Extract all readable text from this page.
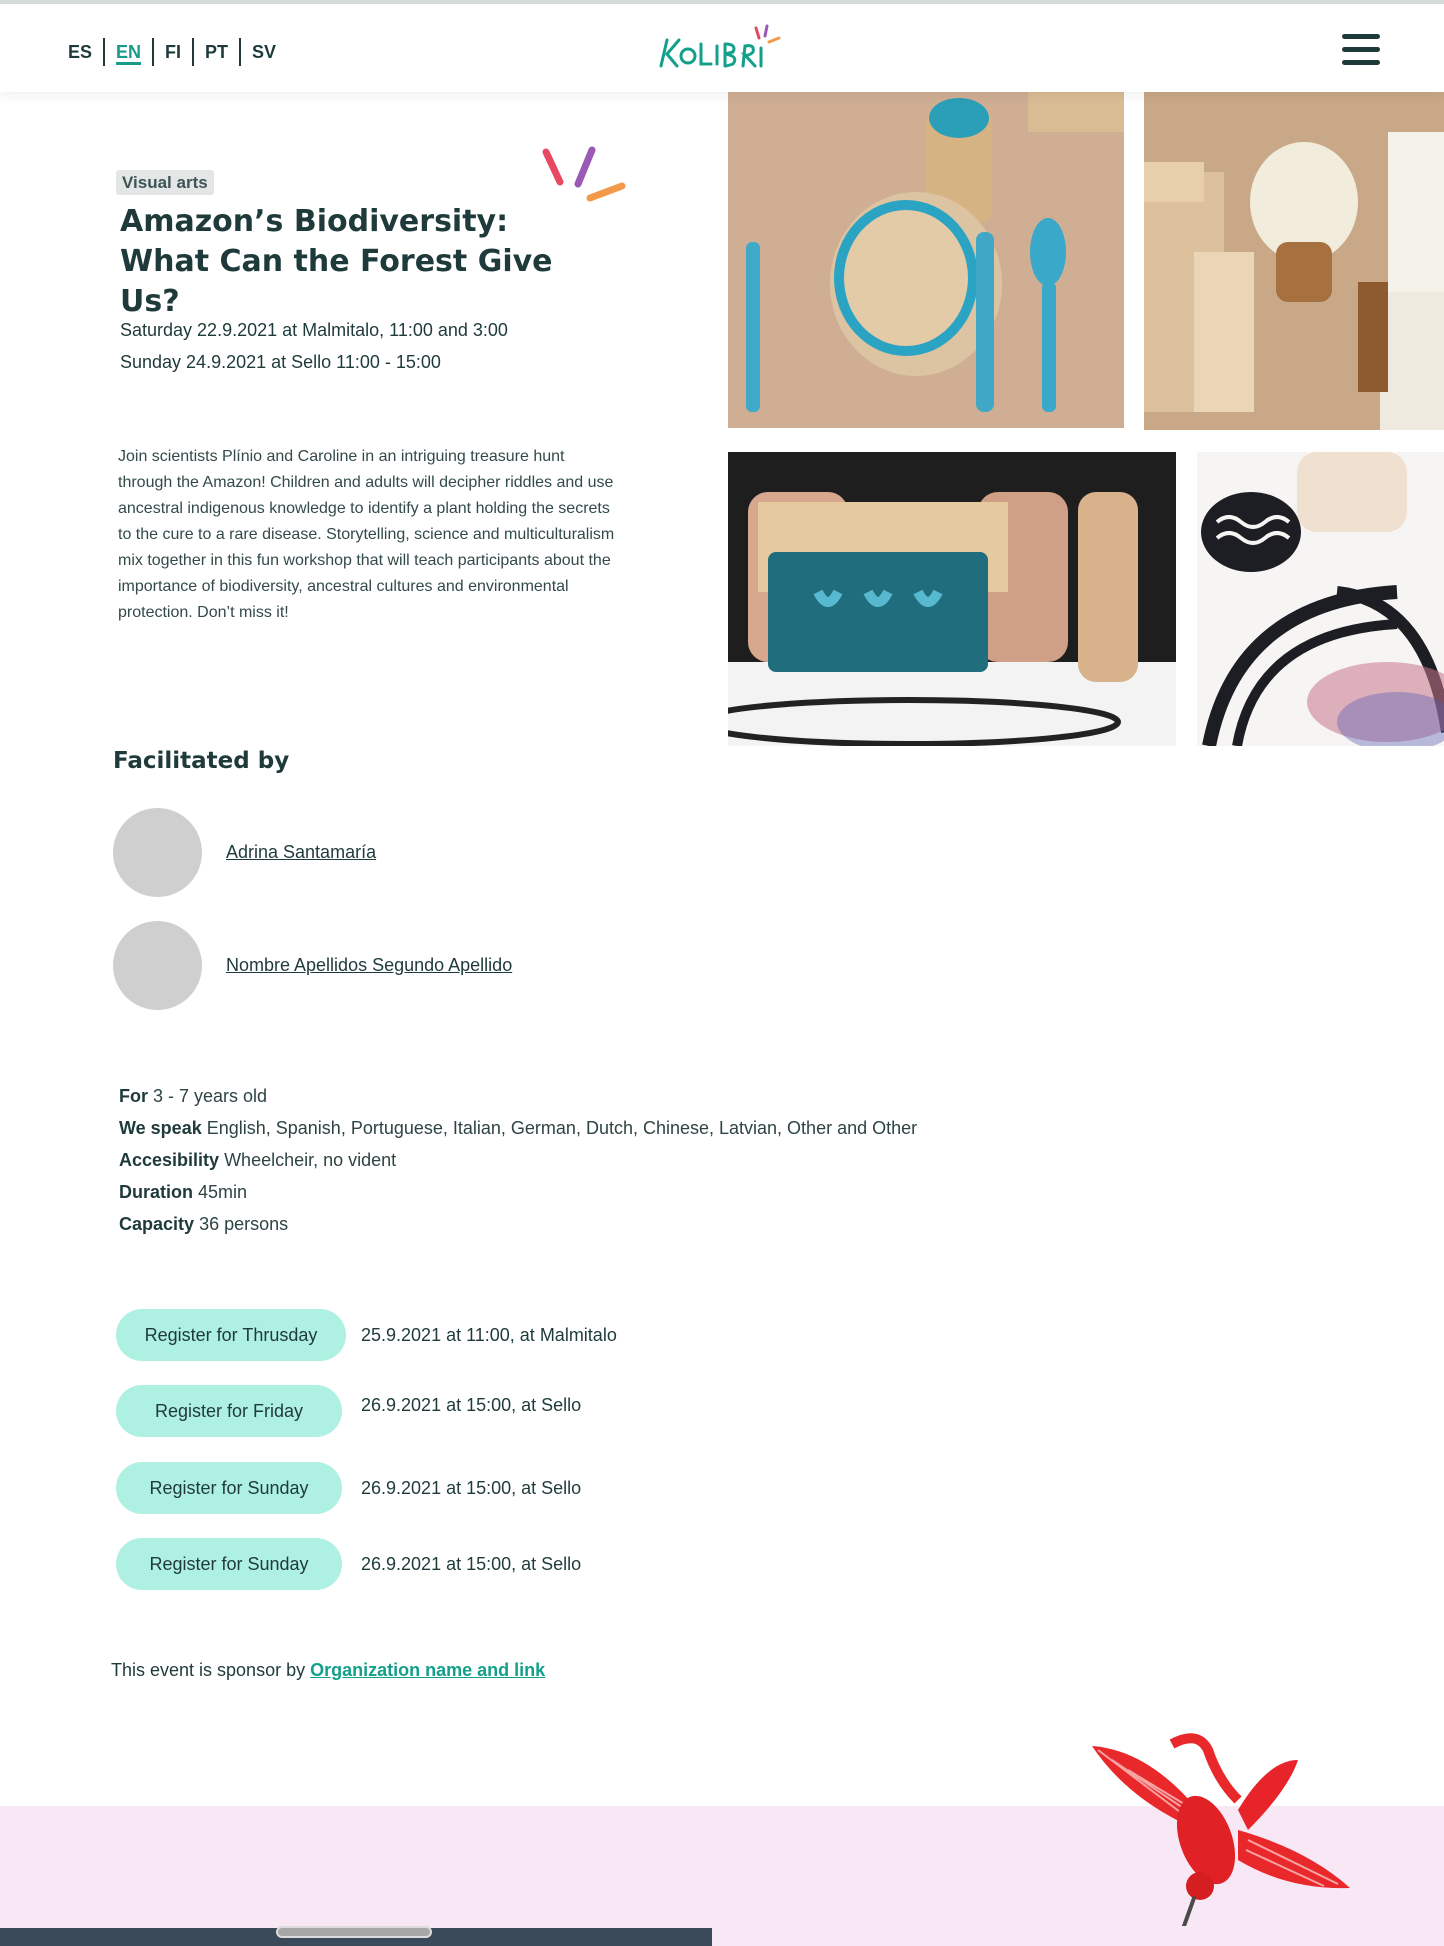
ES	EN	FI	PT	SV
Visual arts
Amazon’s Biodiversity: What Can the Forest Give Us?
Saturday 22.9.2021 at Malmitalo, 11:00 and 3:00
Sunday 24.9.2021 at Sello 11:00 - 15:00

Join scientists Plínio and Caroline in an intriguing treasure hunt through the Amazon! Children and adults will decipher riddles and use ancestral indigenous knowledge to identify a plant holding the secrets to the cure to a rare disease. Storytelling, science and multiculturalism mix together in this fun workshop that will teach participants about the importance of biodiversity, ancestral cultures and environmental protection. Don’t miss it!

Facilitated by
Adrina Santamaría
Nombre Apellidos Segundo Apellido
For 3 - 7 years old
We speak English, Spanish, Portuguese, Italian, German, Dutch, Chinese, Latvian, Other and Other
Accesibility Wheelcheir, no vident
Duration 45min
Capacity 36 persons
Register for Thrusday	25.9.2021 at 11:00, at Malmitalo
Register for Friday	26.9.2021 at 15:00, at Sello
Register for Sunday	26.9.2021 at 15:00, at Sello
Register for Sunday	26.9.2021 at 15:00, at Sello
This event is sponsor by Organization name and link
